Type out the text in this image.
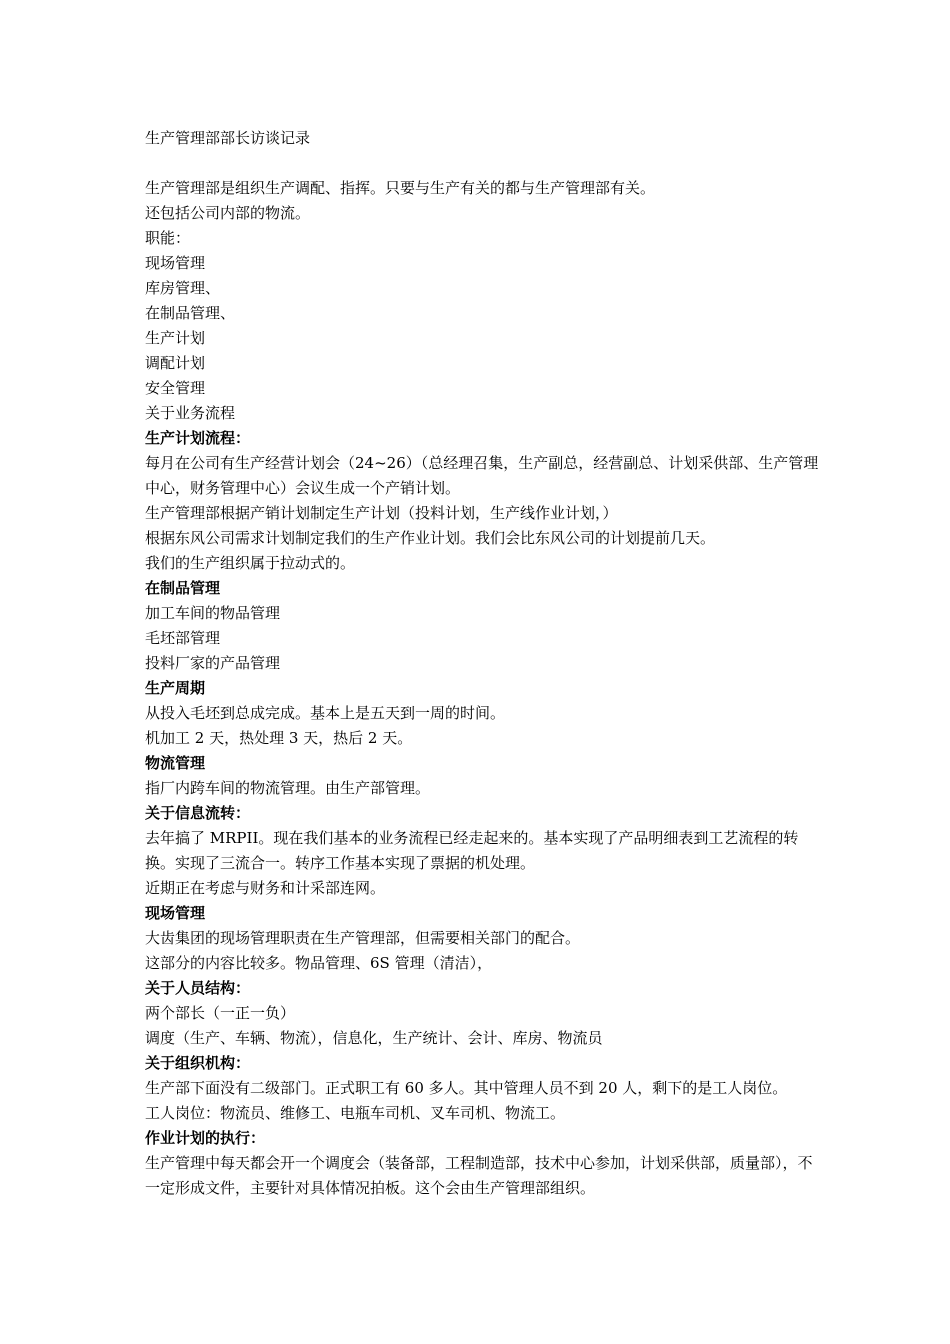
生产管理部部长访谈记录
生产管理部是组织生产调配、指挥。只要与生产有关的都与生产管理部有关。
还包括公司内部的物流。
职能：
现场管理
库房管理、
在制品管理、
生产计划
调配计划
安全管理
关于业务流程
生产计划流程：
每月在公司有生产经营计划会（24~26）（总经理召集，生产副总，经营副总、计划采供部、生产管理中心，财务管理中心）会议生成一个产销计划。
生产管理部根据产销计划制定生产计划（投料计划，生产线作业计划，）
根据东风公司需求计划制定我们的生产作业计划。我们会比东风公司的计划提前几天。
我们的生产组织属于拉动式的。
在制品管理
加工车间的物品管理
毛坯部管理
投料厂家的产品管理
生产周期
从投入毛坯到总成完成。基本上是五天到一周的时间。
机加工 2 天，热处理 3 天，热后 2 天。
物流管理
指厂内跨车间的物流管理。由生产部管理。
关于信息流转：
去年搞了 MRPII。现在我们基本的业务流程已经走起来的。基本实现了产品明细表到工艺流程的转换。实现了三流合一。转序工作基本实现了票据的机处理。
近期正在考虑与财务和计采部连网。
现场管理
大齿集团的现场管理职责在生产管理部，但需要相关部门的配合。
这部分的内容比较多。物品管理、6S 管理（清洁），
关于人员结构：
两个部长（一正一负）
调度（生产、车辆、物流），信息化，生产统计、会计、库房、物流员
关于组织机构：
生产部下面没有二级部门。正式职工有 60 多人。其中管理人员不到 20 人，剩下的是工人岗位。
工人岗位：物流员、维修工、电瓶车司机、叉车司机、物流工。
作业计划的执行：
生产管理中每天都会开一个调度会（装备部，工程制造部，技术中心参加，计划采供部，质量部），不一定形成文件，主要针对具体情况拍板。这个会由生产管理部组织。
